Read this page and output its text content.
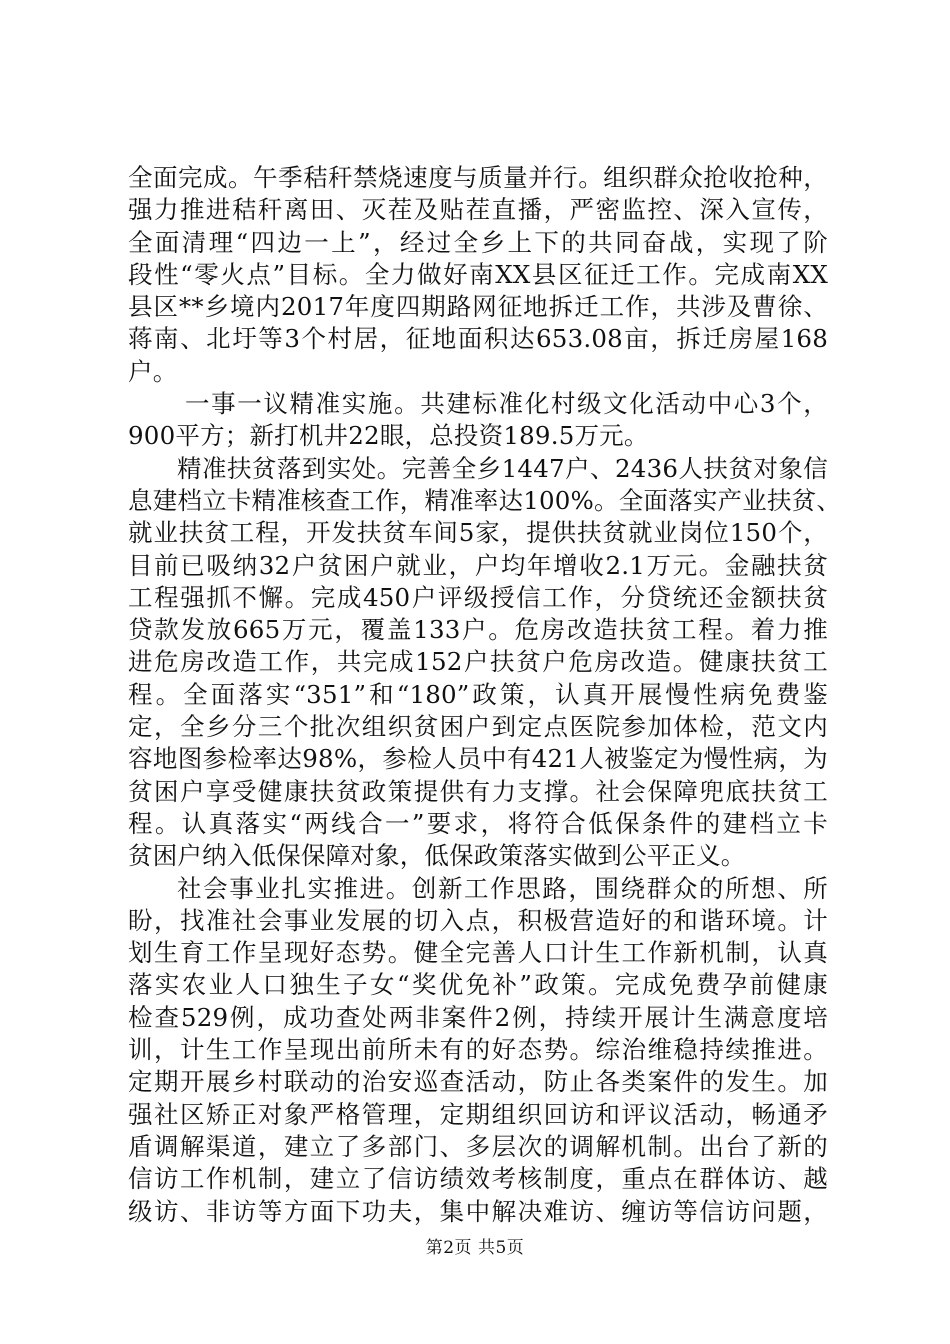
全面完成。午季秸秆禁烧速度与质量并行。组织群众抢收抢种，
强力推进秸秆离田、灭茬及贴茬直播，严密监控、深入宣传，
全面清理“四边一上”，经过全乡上下的共同奋战，实现了阶
段性“零火点”目标。全力做好南XX县区征迁工作。完成南XX
县区**乡境内2017年度四期路网征地拆迁工作，共涉及曹徐、
蒋南、北圩等3个村居，征地面积达653.08亩，拆迁房屋168
户。
一事一议精准实施。共建标准化村级文化活动中心3个，
900平方；新打机井22眼，总投资189.5万元。
精准扶贫落到实处。完善全乡1447户、2436人扶贫对象信
息建档立卡精准核查工作，精准率达100%。全面落实产业扶贫、
就业扶贫工程，开发扶贫车间5家，提供扶贫就业岗位150个，
目前已吸纳32户贫困户就业，户均年增收2.1万元。金融扶贫
工程强抓不懈。完成450户评级授信工作，分贷统还金额扶贫
贷款发放665万元，覆盖133户。危房改造扶贫工程。着力推
进危房改造工作，共完成152户扶贫户危房改造。健康扶贫工
程。全面落实“351”和“180”政策，认真开展慢性病免费鉴
定，全乡分三个批次组织贫困户到定点医院参加体检，范文内
容地图参检率达98%，参检人员中有421人被鉴定为慢性病，为
贫困户享受健康扶贫政策提供有力支撑。社会保障兜底扶贫工
程。认真落实“两线合一”要求，将符合低保条件的建档立卡
贫困户纳入低保保障对象，低保政策落实做到公平正义。
社会事业扎实推进。创新工作思路，围绕群众的所想、所
盼，找准社会事业发展的切入点，积极营造好的和谐环境。计
划生育工作呈现好态势。健全完善人口计生工作新机制，认真
落实农业人口独生子女“奖优免补”政策。完成免费孕前健康
检查529例，成功查处两非案件2例，持续开展计生满意度培
训，计生工作呈现出前所未有的好态势。综治维稳持续推进。
定期开展乡村联动的治安巡查活动，防止各类案件的发生。加
强社区矫正对象严格管理，定期组织回访和评议活动，畅通矛
盾调解渠道，建立了多部门、多层次的调解机制。出台了新的
信访工作机制，建立了信访绩效考核制度，重点在群体访、越
级访、非访等方面下功夫，集中解决难访、缠访等信访问题，
第2页 共5页
